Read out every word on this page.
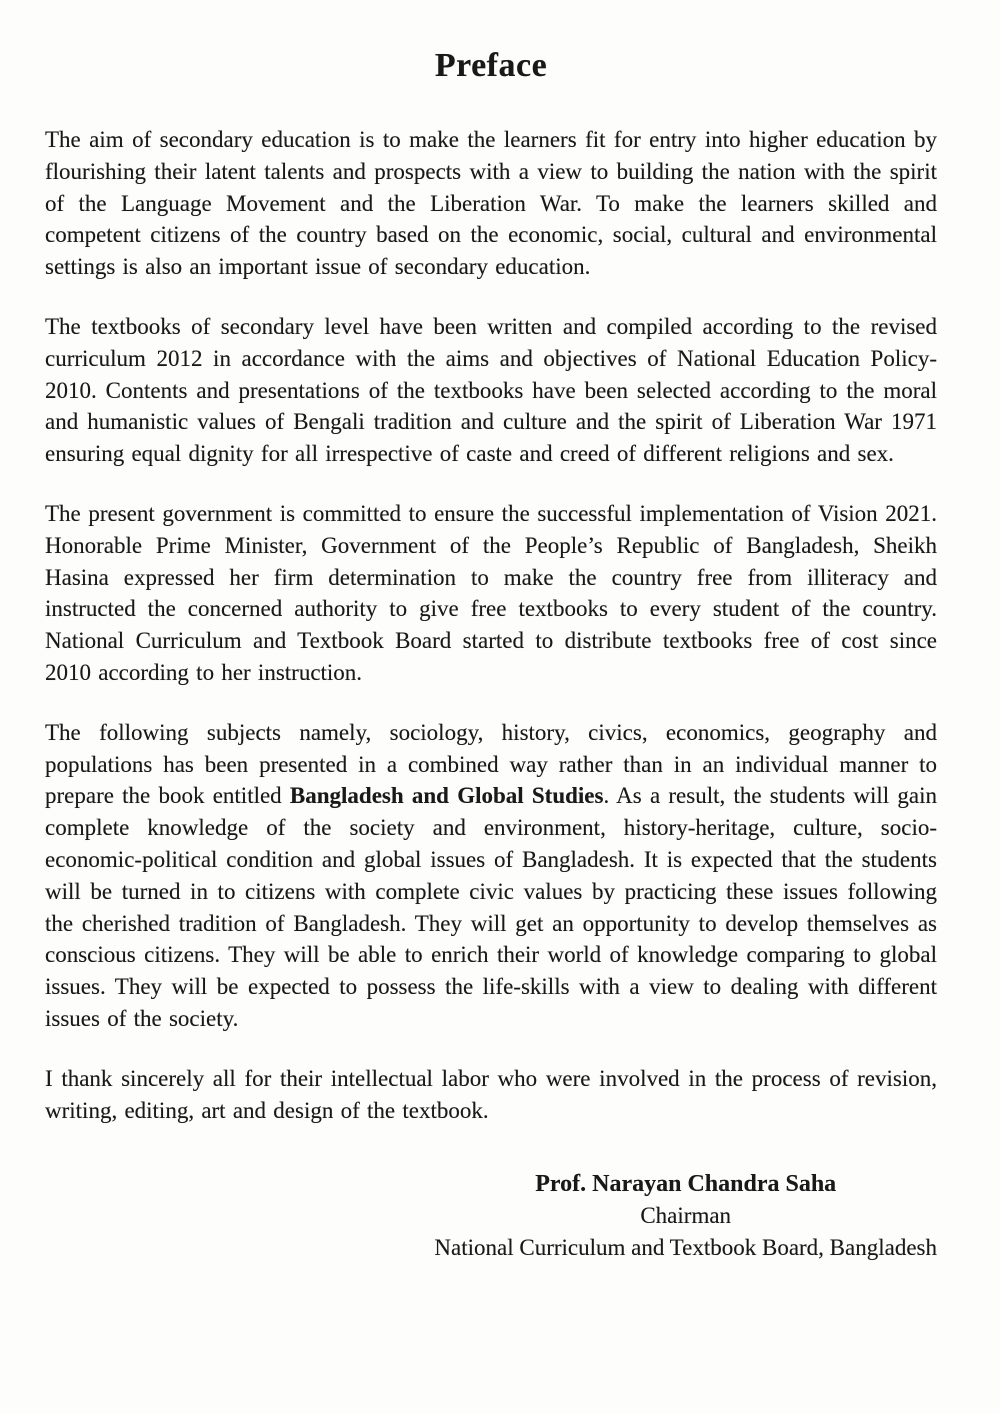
Preface

The aim of secondary education is to make the learners fit for entry into higher education by flourishing their latent talents and prospects with a view to building the nation with the spirit of the Language Movement and the Liberation War. To make the learners skilled and competent citizens of the country based on the economic, social, cultural and environmental settings is also an important issue of secondary education.

The textbooks of secondary level have been written and compiled according to the revised curriculum 2012 in accordance with the aims and objectives of National Education Policy-2010. Contents and presentations of the textbooks have been selected according to the moral and humanistic values of Bengali tradition and culture and the spirit of Liberation War 1971 ensuring equal dignity for all irrespective of caste and creed of different religions and sex.

The present government is committed to ensure the successful implementation of Vision 2021. Honorable Prime Minister, Government of the People’s Republic of Bangladesh, Sheikh Hasina expressed her firm determination to make the country free from illiteracy and instructed the concerned authority to give free textbooks to every student of the country. National Curriculum and Textbook Board started to distribute textbooks free of cost since 2010 according to her instruction.

The following subjects namely, sociology, history, civics, economics, geography and populations has been presented in a combined way rather than in an individual manner to prepare the book entitled Bangladesh and Global Studies. As a result, the students will gain complete knowledge of the society and environment, history-heritage, culture, socio-economic-political condition and global issues of Bangladesh. It is expected that the students will be turned in to citizens with complete civic values by practicing these issues following the cherished tradition of Bangladesh. They will get an opportunity to develop themselves as conscious citizens. They will be able to enrich their world of knowledge comparing to global issues. They will be expected to possess the life-skills with a view to dealing with different issues of the society.

I thank sincerely all for their intellectual labor who were involved in the process of revision, writing, editing, art and design of the textbook.

Prof. Narayan Chandra Saha
Chairman
National Curriculum and Textbook Board, Bangladesh
